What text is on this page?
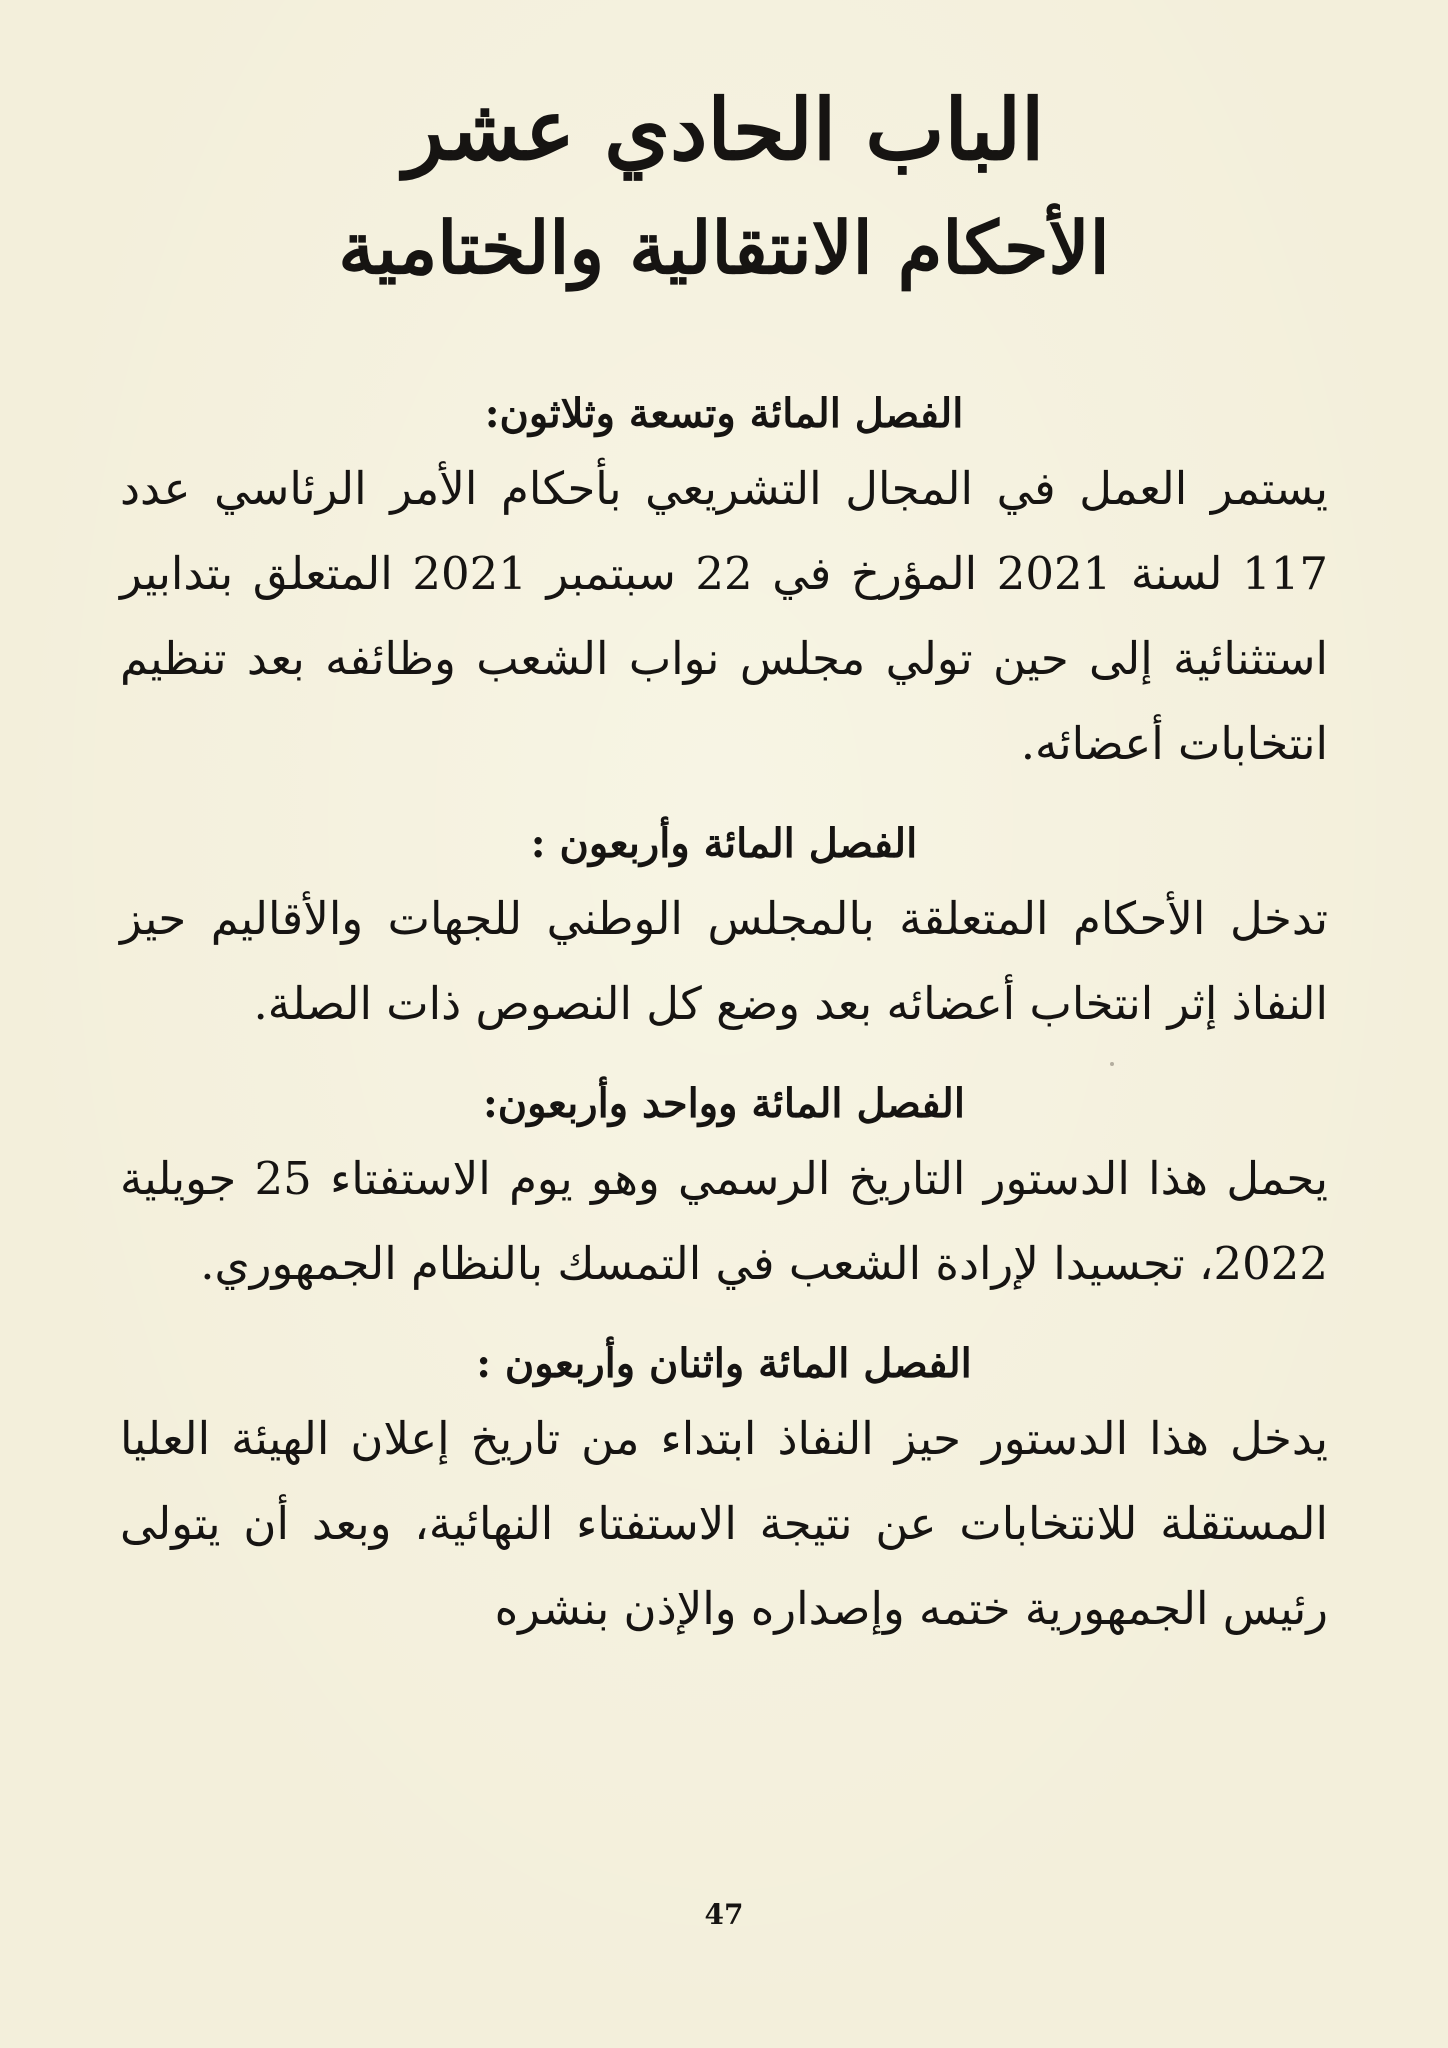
الباب الحادي عشر
الأحكام الانتقالية والختامية
الفصل المائة وتسعة وثلاثون:

يستمر العمل في المجال التشريعي بأحكام الأمر الرئاسي عدد 117 لسنة 2021 المؤرخ في 22 سبتمبر 2021 المتعلق بتدابير استثنائية إلى حين تولي مجلس نواب الشعب وظائفه بعد تنظيم انتخابات أعضائه.

الفصل المائة وأربعون :

تدخل الأحكام المتعلقة بالمجلس الوطني للجهات والأقاليم حيز النفاذ إثر انتخاب أعضائه بعد وضع كل النصوص ذات الصلة.

الفصل المائة وواحد وأربعون:

يحمل هذا الدستور التاريخ الرسمي وهو يوم الاستفتاء 25 جويلية 2022، تجسيدا لإرادة الشعب في التمسك بالنظام الجمهوري.

الفصل المائة واثنان وأربعون :

يدخل هذا الدستور حيز النفاذ ابتداء من تاريخ إعلان الهيئة العليا المستقلة للانتخابات عن نتيجة الاستفتاء النهائية، وبعد أن يتولى رئيس الجمهورية ختمه وإصداره والإذن بنشره

47
